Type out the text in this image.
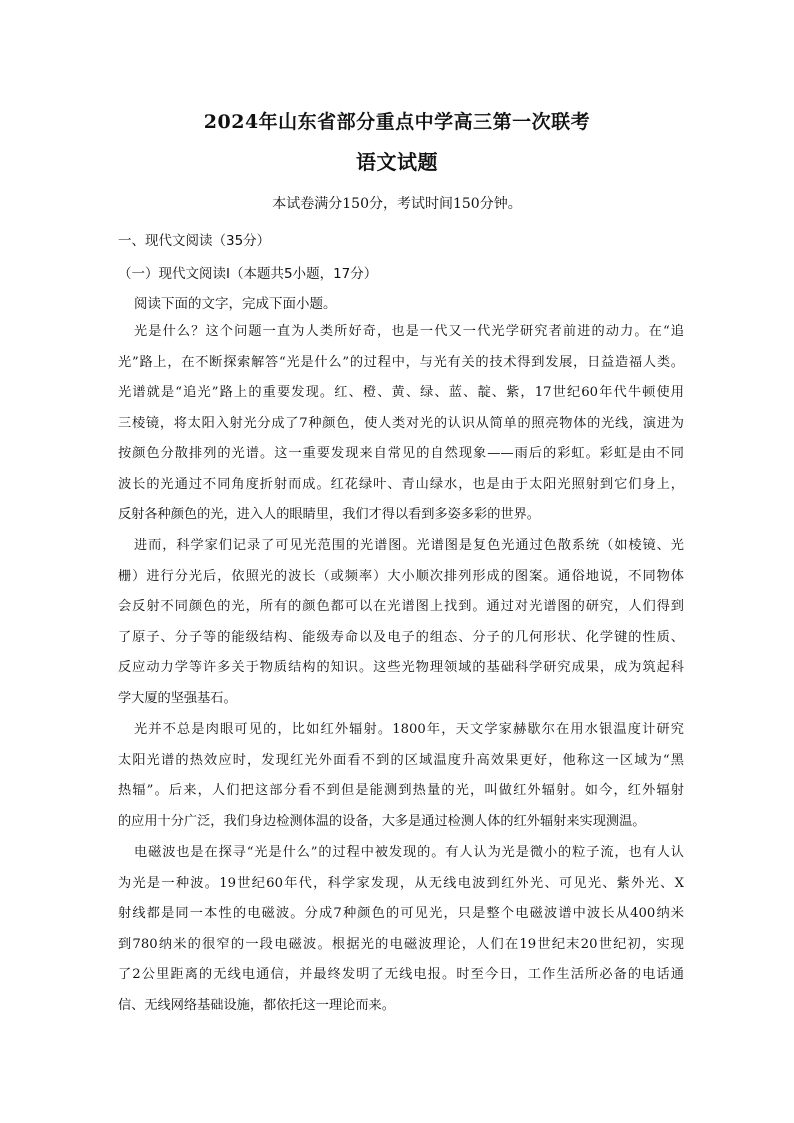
2024年山东省部分重点中学高三第一次联考
语文试题
本试卷满分150分，考试时间150分钟。
一、现代文阅读（35分）
（一）现代文阅读Ⅰ（本题共5小题，17分）
阅读下面的文字，完成下面小题。
光是什么？这个问题一直为人类所好奇，也是一代又一代光学研究者前进的动力。在“追
光”路上，在不断探索解答“光是什么”的过程中，与光有关的技术得到发展，日益造福人类。
光谱就是“追光”路上的重要发现。红、橙、黄、绿、蓝、靛、紫，17世纪60年代牛顿使用
三棱镜，将太阳入射光分成了7种颜色，使人类对光的认识从简单的照亮物体的光线，演进为
按颜色分散排列的光谱。这一重要发现来自常见的自然现象——雨后的彩虹。彩虹是由不同
波长的光通过不同角度折射而成。红花绿叶、青山绿水，也是由于太阳光照射到它们身上，
反射各种颜色的光，进入人的眼睛里，我们才得以看到多姿多彩的世界。
进而，科学家们记录了可见光范围的光谱图。光谱图是复色光通过色散系统（如棱镜、光
栅）进行分光后，依照光的波长（或频率）大小顺次排列形成的图案。通俗地说，不同物体
会反射不同颜色的光，所有的颜色都可以在光谱图上找到。通过对光谱图的研究，人们得到
了原子、分子等的能级结构、能级寿命以及电子的组态、分子的几何形状、化学键的性质、
反应动力学等许多关于物质结构的知识。这些光物理领域的基础科学研究成果，成为筑起科
学大厦的坚强基石。
光并不总是肉眼可见的，比如红外辐射。1800年，天文学家赫歇尔在用水银温度计研究
太阳光谱的热效应时，发现红光外面看不到的区域温度升高效果更好，他称这一区域为“黑
热辐”。后来，人们把这部分看不到但是能测到热量的光，叫做红外辐射。如今，红外辐射
的应用十分广泛，我们身边检测体温的设备，大多是通过检测人体的红外辐射来实现测温。
电磁波也是在探寻“光是什么”的过程中被发现的。有人认为光是微小的粒子流，也有人认
为光是一种波。19世纪60年代，科学家发现，从无线电波到红外光、可见光、紫外光、X
射线都是同一本性的电磁波。分成7种颜色的可见光，只是整个电磁波谱中波长从400纳米
到780纳米的很窄的一段电磁波。根据光的电磁波理论，人们在19世纪末20世纪初，实现
了2公里距离的无线电通信，并最终发明了无线电报。时至今日，工作生活所必备的电话通
信、无线网络基础设施，都依托这一理论而来。
